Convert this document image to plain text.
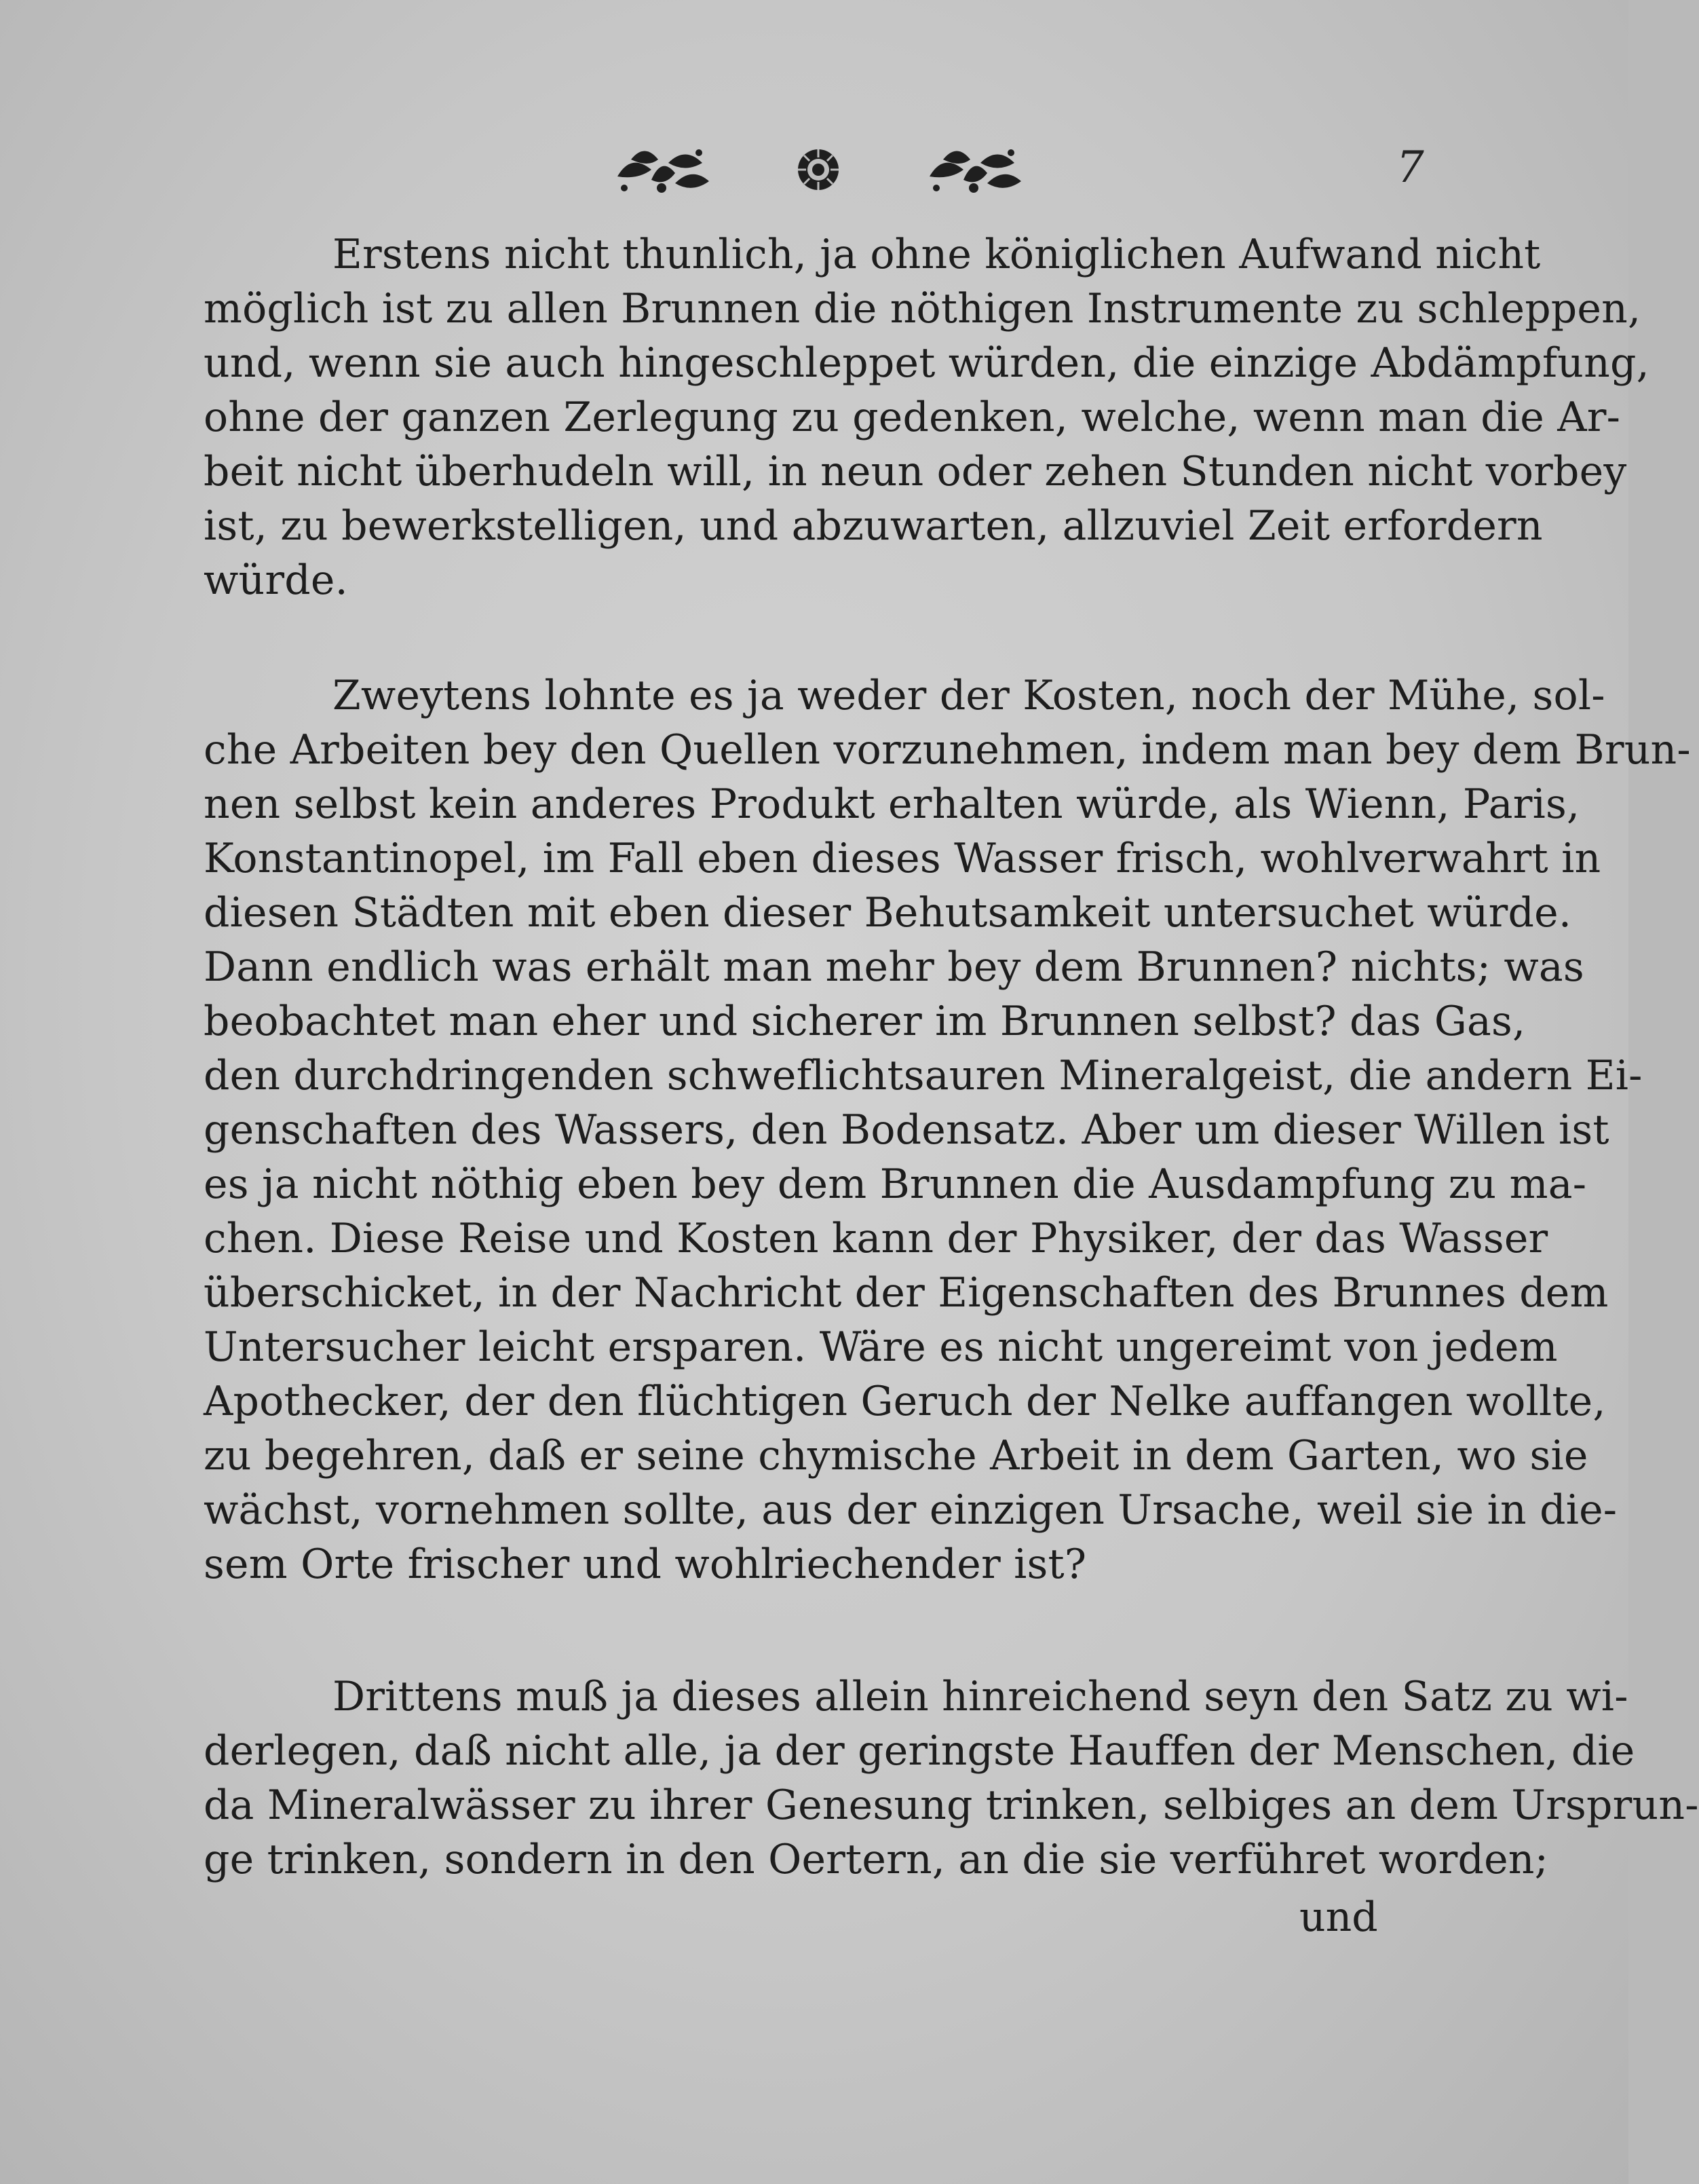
7
Erstens nicht thunlich, ja ohne königlichen Aufwand nicht
möglich ist zu allen Brunnen die nöthigen Instrumente zu schleppen,
und, wenn sie auch hingeschleppet würden, die einzige Abdämpfung,
ohne der ganzen Zerlegung zu gedenken, welche, wenn man die Ar-
beit nicht überhudeln will, in neun oder zehen Stunden nicht vorbey
ist, zu bewerkstelligen, und abzuwarten, allzuviel Zeit erfordern
würde.
Zweytens lohnte es ja weder der Kosten, noch der Mühe, sol-
che Arbeiten bey den Quellen vorzunehmen, indem man bey dem Brun-
nen selbst kein anderes Produkt erhalten würde, als Wienn, Paris,
Konstantinopel, im Fall eben dieses Wasser frisch, wohlverwahrt in
diesen Städten mit eben dieser Behutsamkeit untersuchet würde.
Dann endlich was erhält man mehr bey dem Brunnen? nichts; was
beobachtet man eher und sicherer im Brunnen selbst? das Gas,
den durchdringenden schweflichtsauren Mineralgeist, die andern Ei-
genschaften des Wassers, den Bodensatz. Aber um dieser Willen ist
es ja nicht nöthig eben bey dem Brunnen die Ausdampfung zu ma-
chen. Diese Reise und Kosten kann der Physiker, der das Wasser
überschicket, in der Nachricht der Eigenschaften des Brunnes dem
Untersucher leicht ersparen. Wäre es nicht ungereimt von jedem
Apothecker, der den flüchtigen Geruch der Nelke auffangen wollte,
zu begehren, daß er seine chymische Arbeit in dem Garten, wo sie
wächst, vornehmen sollte, aus der einzigen Ursache, weil sie in die-
sem Orte frischer und wohlriechender ist?
Drittens muß ja dieses allein hinreichend seyn den Satz zu wi-
derlegen, daß nicht alle, ja der geringste Hauffen der Menschen, die
da Mineralwässer zu ihrer Genesung trinken, selbiges an dem Ursprun-
ge trinken, sondern in den Oertern, an die sie verführet worden;
und
